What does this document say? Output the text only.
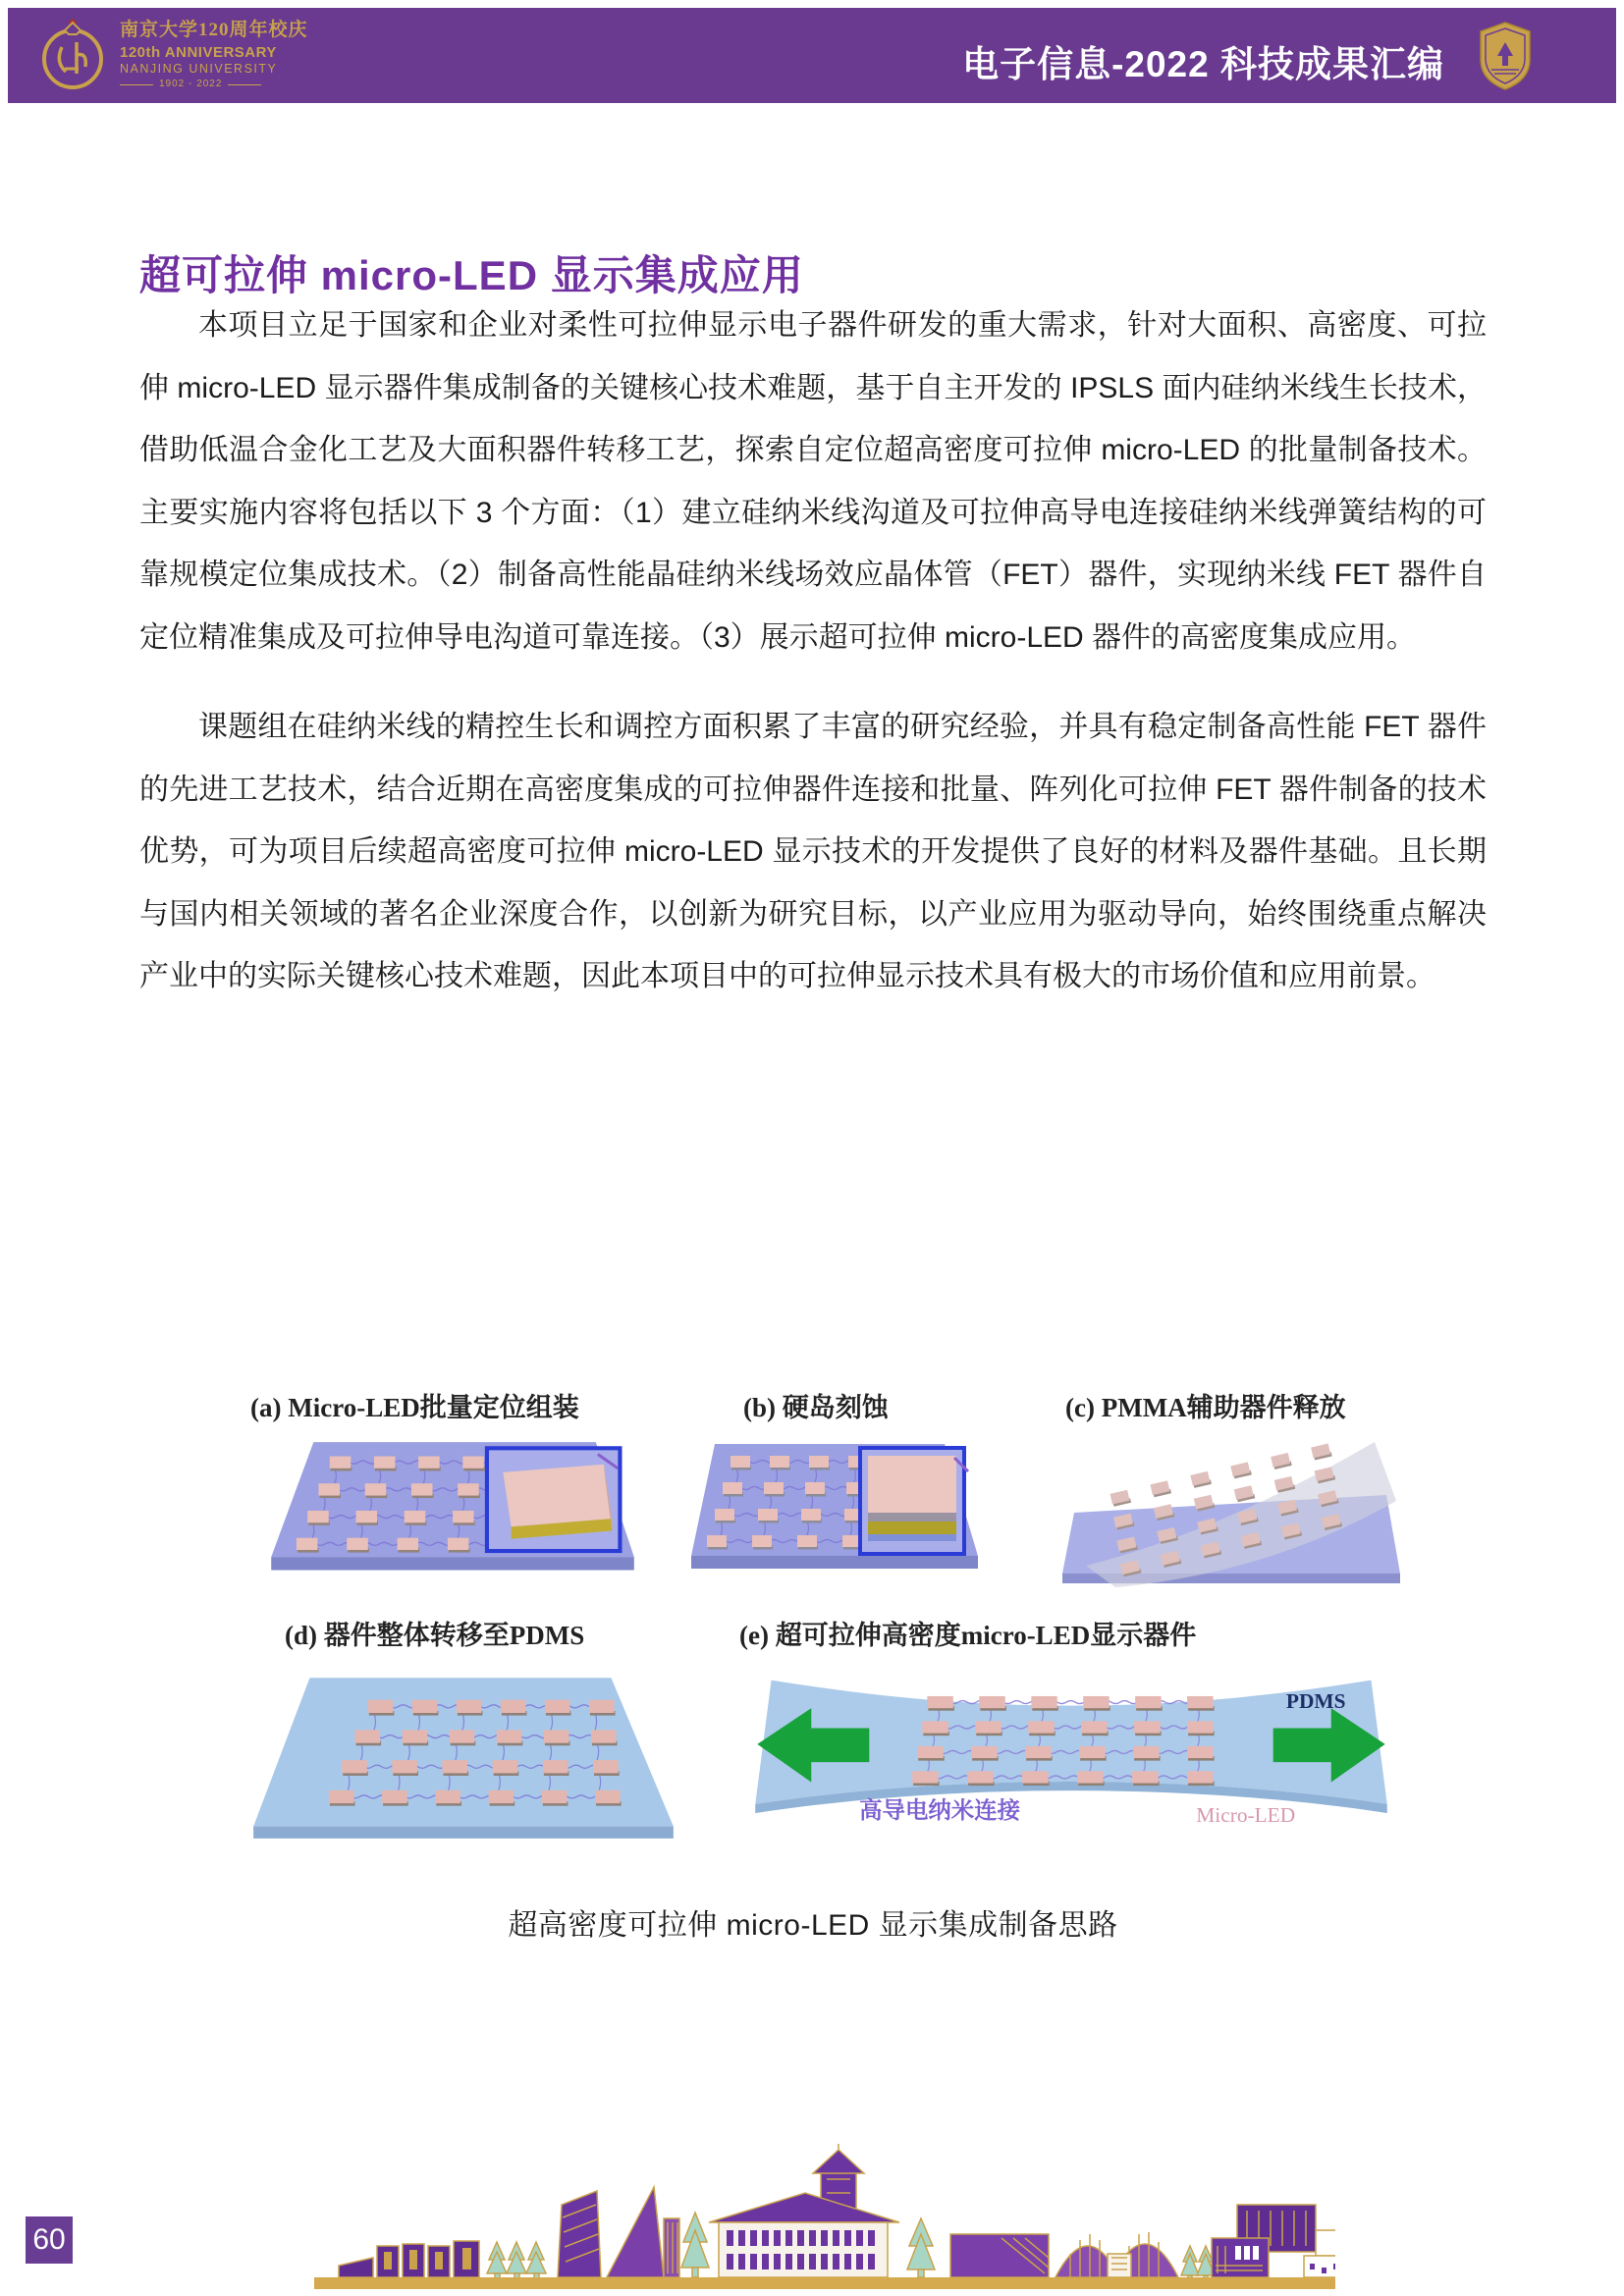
南京大学120周年校庆
120th ANNIVERSARY
NANJING UNIVERSITY
1902 - 2022	电子信息-2022 科技成果汇编
超可拉伸 micro-LED 显示集成应用

本项目立足于国家和企业对柔性可拉伸显示电子器件研发的重大需求，针对大面积、高密度、可拉伸 micro-LED 显示器件集成制备的关键核心技术难题，基于自主开发的 IPSLS 面内硅纳米线生长技术，借助低温合金化工艺及大面积器件转移工艺，探索自定位超高密度可拉伸 micro-LED 的批量制备技术。主要实施内容将包括以下 3 个方面：（1）建立硅纳米线沟道及可拉伸高导电连接硅纳米线弹簧结构的可靠规模定位集成技术。（2）制备高性能晶硅纳米线场效应晶体管（FET）器件，实现纳米线 FET 器件自定位精准集成及可拉伸导电沟道可靠连接。（3）展示超可拉伸 micro-LED 器件的高密度集成应用。

课题组在硅纳米线的精控生长和调控方面积累了丰富的研究经验，并具有稳定制备高性能 FET 器件的先进工艺技术，结合近期在高密度集成的可拉伸器件连接和批量、阵列化可拉伸 FET 器件制备的技术优势，可为项目后续超高密度可拉伸 micro-LED 显示技术的开发提供了良好的材料及器件基础。且长期与国内相关领域的著名企业深度合作，以创新为研究目标，以产业应用为驱动导向，始终围绕重点解决产业中的实际关键核心技术难题，因此本项目中的可拉伸显示技术具有极大的市场价值和应用前景。

(a) Micro-LED批量定位组装	(b) 硬岛刻蚀	(c) PMMA辅助器件释放
(d) 器件整体转移至PDMS	(e) 超可拉伸高密度micro-LED显示器件
PDMS
高导电纳米连接	Micro-LED
超高密度可拉伸 micro-LED 显示集成制备思路
60
